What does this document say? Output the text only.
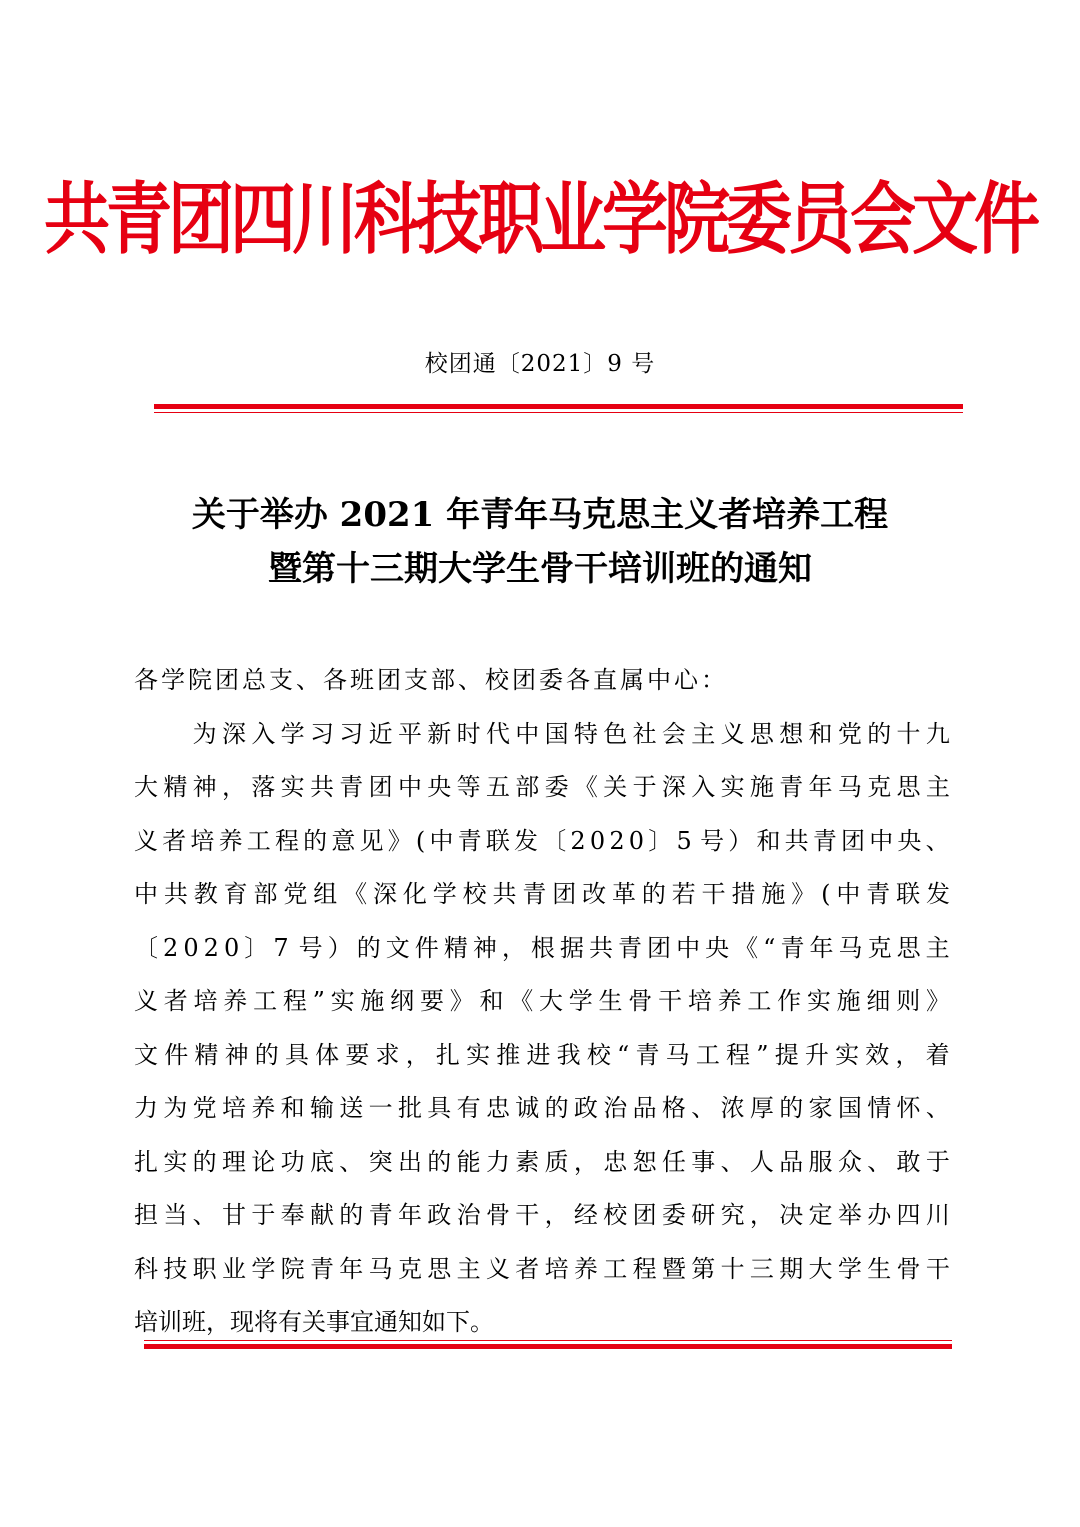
共青团四川科技职业学院委员会文件
校团通〔2021〕9 号
关于举办 2021 年青年马克思主义者培养工程
暨第十三期大学生骨干培训班的通知
各学院团总支、各班团支部、校团委各直属中心：

为 深 入 学 习 习 近 平 新 时 代 中 国 特 色 社 会 主 义 思 想 和 党 的 十 九
大 精 神 ， 落 实 共 青 团 中 央 等 五 部 委 《 关 于 深 入 实 施 青 年 马 克 思 主
义 者 培 养 工 程 的 意 见 》 ( 中 青 联 发 〔 2 0 2 0 〕 5 号 ） 和 共 青 团 中 央 、
中 共 教 育 部 党 组 《 深 化 学 校 共 青 团 改 革 的 若 干 措 施 》 ( 中 青 联 发
〔 2 0 2 0 〕 7 号 ） 的 文 件 精 神 ， 根 据 共 青 团 中 央 《 “ 青 年 马 克 思 主
义 者 培 养 工 程 ” 实 施 纲 要 》 和 《 大 学 生 骨 干 培 养 工 作 实 施 细 则 》
文 件 精 神 的 具 体 要 求 ， 扎 实 推 进 我 校 “ 青 马 工 程 ” 提 升 实 效 ， 着
力 为 党 培 养 和 输 送 一 批 具 有 忠 诚 的 政 治 品 格 、 浓 厚 的 家 国 情 怀 、
扎 实 的 理 论 功 底 、 突 出 的 能 力 素 质 ， 忠 恕 任 事 、 人 品 服 众 、 敢 于
担 当 、 甘 于 奉 献 的 青 年 政 治 骨 干 ， 经 校 团 委 研 究 ， 决 定 举 办 四 川
科 技 职 业 学 院 青 年 马 克 思 主 义 者 培 养 工 程 暨 第 十 三 期 大 学 生 骨 干
培训班，现将有关事宜通知如下。
